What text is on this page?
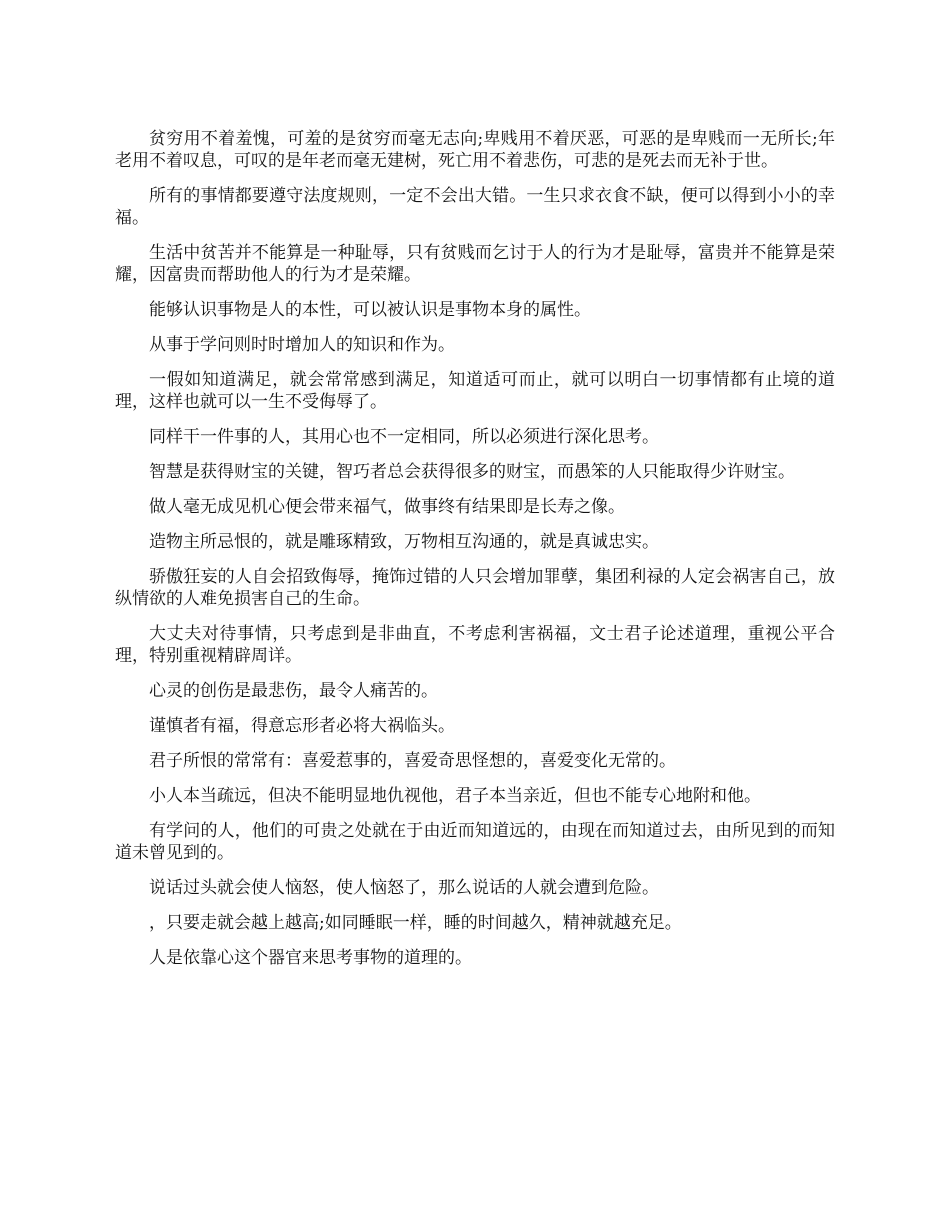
贫穷用不着羞愧，可羞的是贫穷而毫无志向;卑贱用不着厌恶，可恶的是卑贱而一无所长;年老用不着叹息，可叹的是年老而毫无建树，死亡用不着悲伤，可悲的是死去而无补于世。

所有的事情都要遵守法度规则，一定不会出大错。一生只求衣食不缺，便可以得到小小的幸福。

生活中贫苦并不能算是一种耻辱，只有贫贱而乞讨于人的行为才是耻辱，富贵并不能算是荣耀，因富贵而帮助他人的行为才是荣耀。

能够认识事物是人的本性，可以被认识是事物本身的属性。

从事于学问则时时增加人的知识和作为。

一假如知道满足，就会常常感到满足，知道适可而止，就可以明白一切事情都有止境的道理，这样也就可以一生不受侮辱了。

同样干一件事的人，其用心也不一定相同，所以必须进行深化思考。

智慧是获得财宝的关键，智巧者总会获得很多的财宝，而愚笨的人只能取得少许财宝。

做人毫无成见机心便会带来福气，做事终有结果即是长寿之像。

造物主所忌恨的，就是雕琢精致，万物相互沟通的，就是真诚忠实。

骄傲狂妄的人自会招致侮辱，掩饰过错的人只会增加罪孽，集团利禄的人定会祸害自己，放纵情欲的人难免损害自己的生命。

大丈夫对待事情，只考虑到是非曲直，不考虑利害祸福，文士君子论述道理，重视公平合理，特别重视精辟周详。

心灵的创伤是最悲伤，最令人痛苦的。

谨慎者有福，得意忘形者必将大祸临头。

君子所恨的常常有：喜爱惹事的，喜爱奇思怪想的，喜爱变化无常的。

小人本当疏远，但决不能明显地仇视他，君子本当亲近，但也不能专心地附和他。

有学问的人，他们的可贵之处就在于由近而知道远的，由现在而知道过去，由所见到的而知道未曾见到的。

说话过头就会使人恼怒，使人恼怒了，那么说话的人就会遭到危险。

，只要走就会越上越高;如同睡眠一样，睡的时间越久，精神就越充足。

人是依靠心这个器官来思考事物的道理的。
